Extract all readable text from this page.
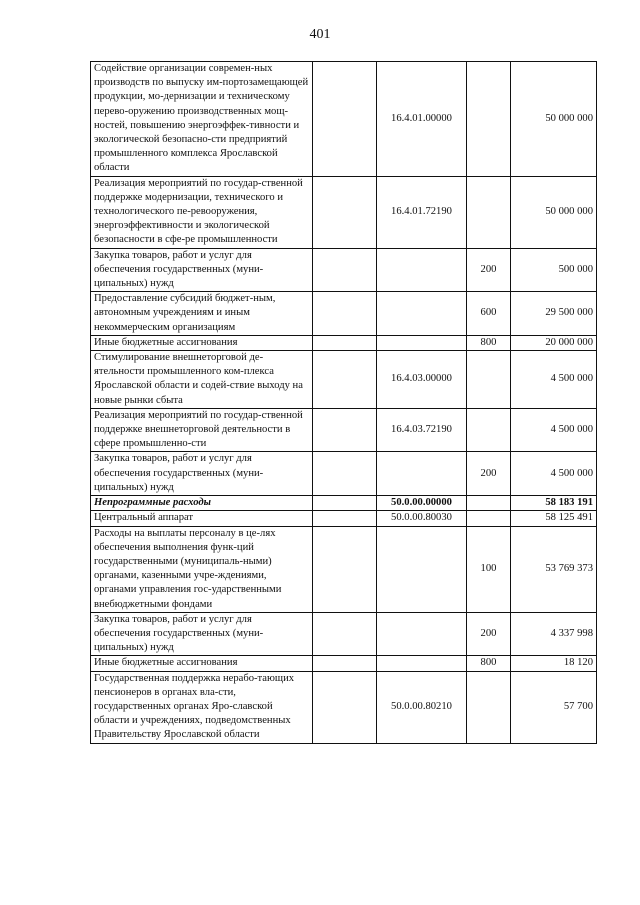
401
Содействие организации современ-ных производств по выпуску им-портозамещающей продукции, мо-дернизации и техническому перево-оружению производственных мощ-ностей, повышению энергоэффек-тивности и экологической безопасно-сти предприятий промышленного комплекса Ярославской области		16.4.01.00000		50 000 000
Реализация мероприятий по государ-ственной поддержке модернизации, технического и технологического пе-ревооружения, энергоэффективности и экологической безопасности в сфе-ре промышленности		16.4.01.72190		50 000 000
Закупка товаров, работ и услуг для обеспечения государственных (муни-ципальных) нужд			200	500 000
Предоставление субсидий бюджет-ным, автономным учреждениям и иным некоммерческим организациям			600	29 500 000
Иные бюджетные ассигнования			800	20 000 000
Стимулирование внешнеторговой де-ятельности промышленного ком-плекса Ярославской области и содей-ствие выходу на новые рынки сбыта		16.4.03.00000		4 500 000
Реализация мероприятий по государ-ственной поддержке внешнеторговой деятельности в сфере промышленно-сти		16.4.03.72190		4 500 000
Закупка товаров, работ и услуг для обеспечения государственных (муни-ципальных) нужд			200	4 500 000
Непрограммные расходы		50.0.00.00000		58 183 191
Центральный аппарат		50.0.00.80030		58 125 491
Расходы на выплаты персоналу в це-лях обеспечения выполнения функ-ций государственными (муниципаль-ными) органами, казенными учре-ждениями, органами управления гос-ударственными внебюджетными фондами			100	53 769 373
Закупка товаров, работ и услуг для обеспечения государственных (муни-ципальных) нужд			200	4 337 998
Иные бюджетные ассигнования			800	18 120
Государственная поддержка нерабо-тающих пенсионеров в органах вла-сти, государственных органах Яро-славской области и учреждениях, подведомственных Правительству Ярославской области		50.0.00.80210		57 700
